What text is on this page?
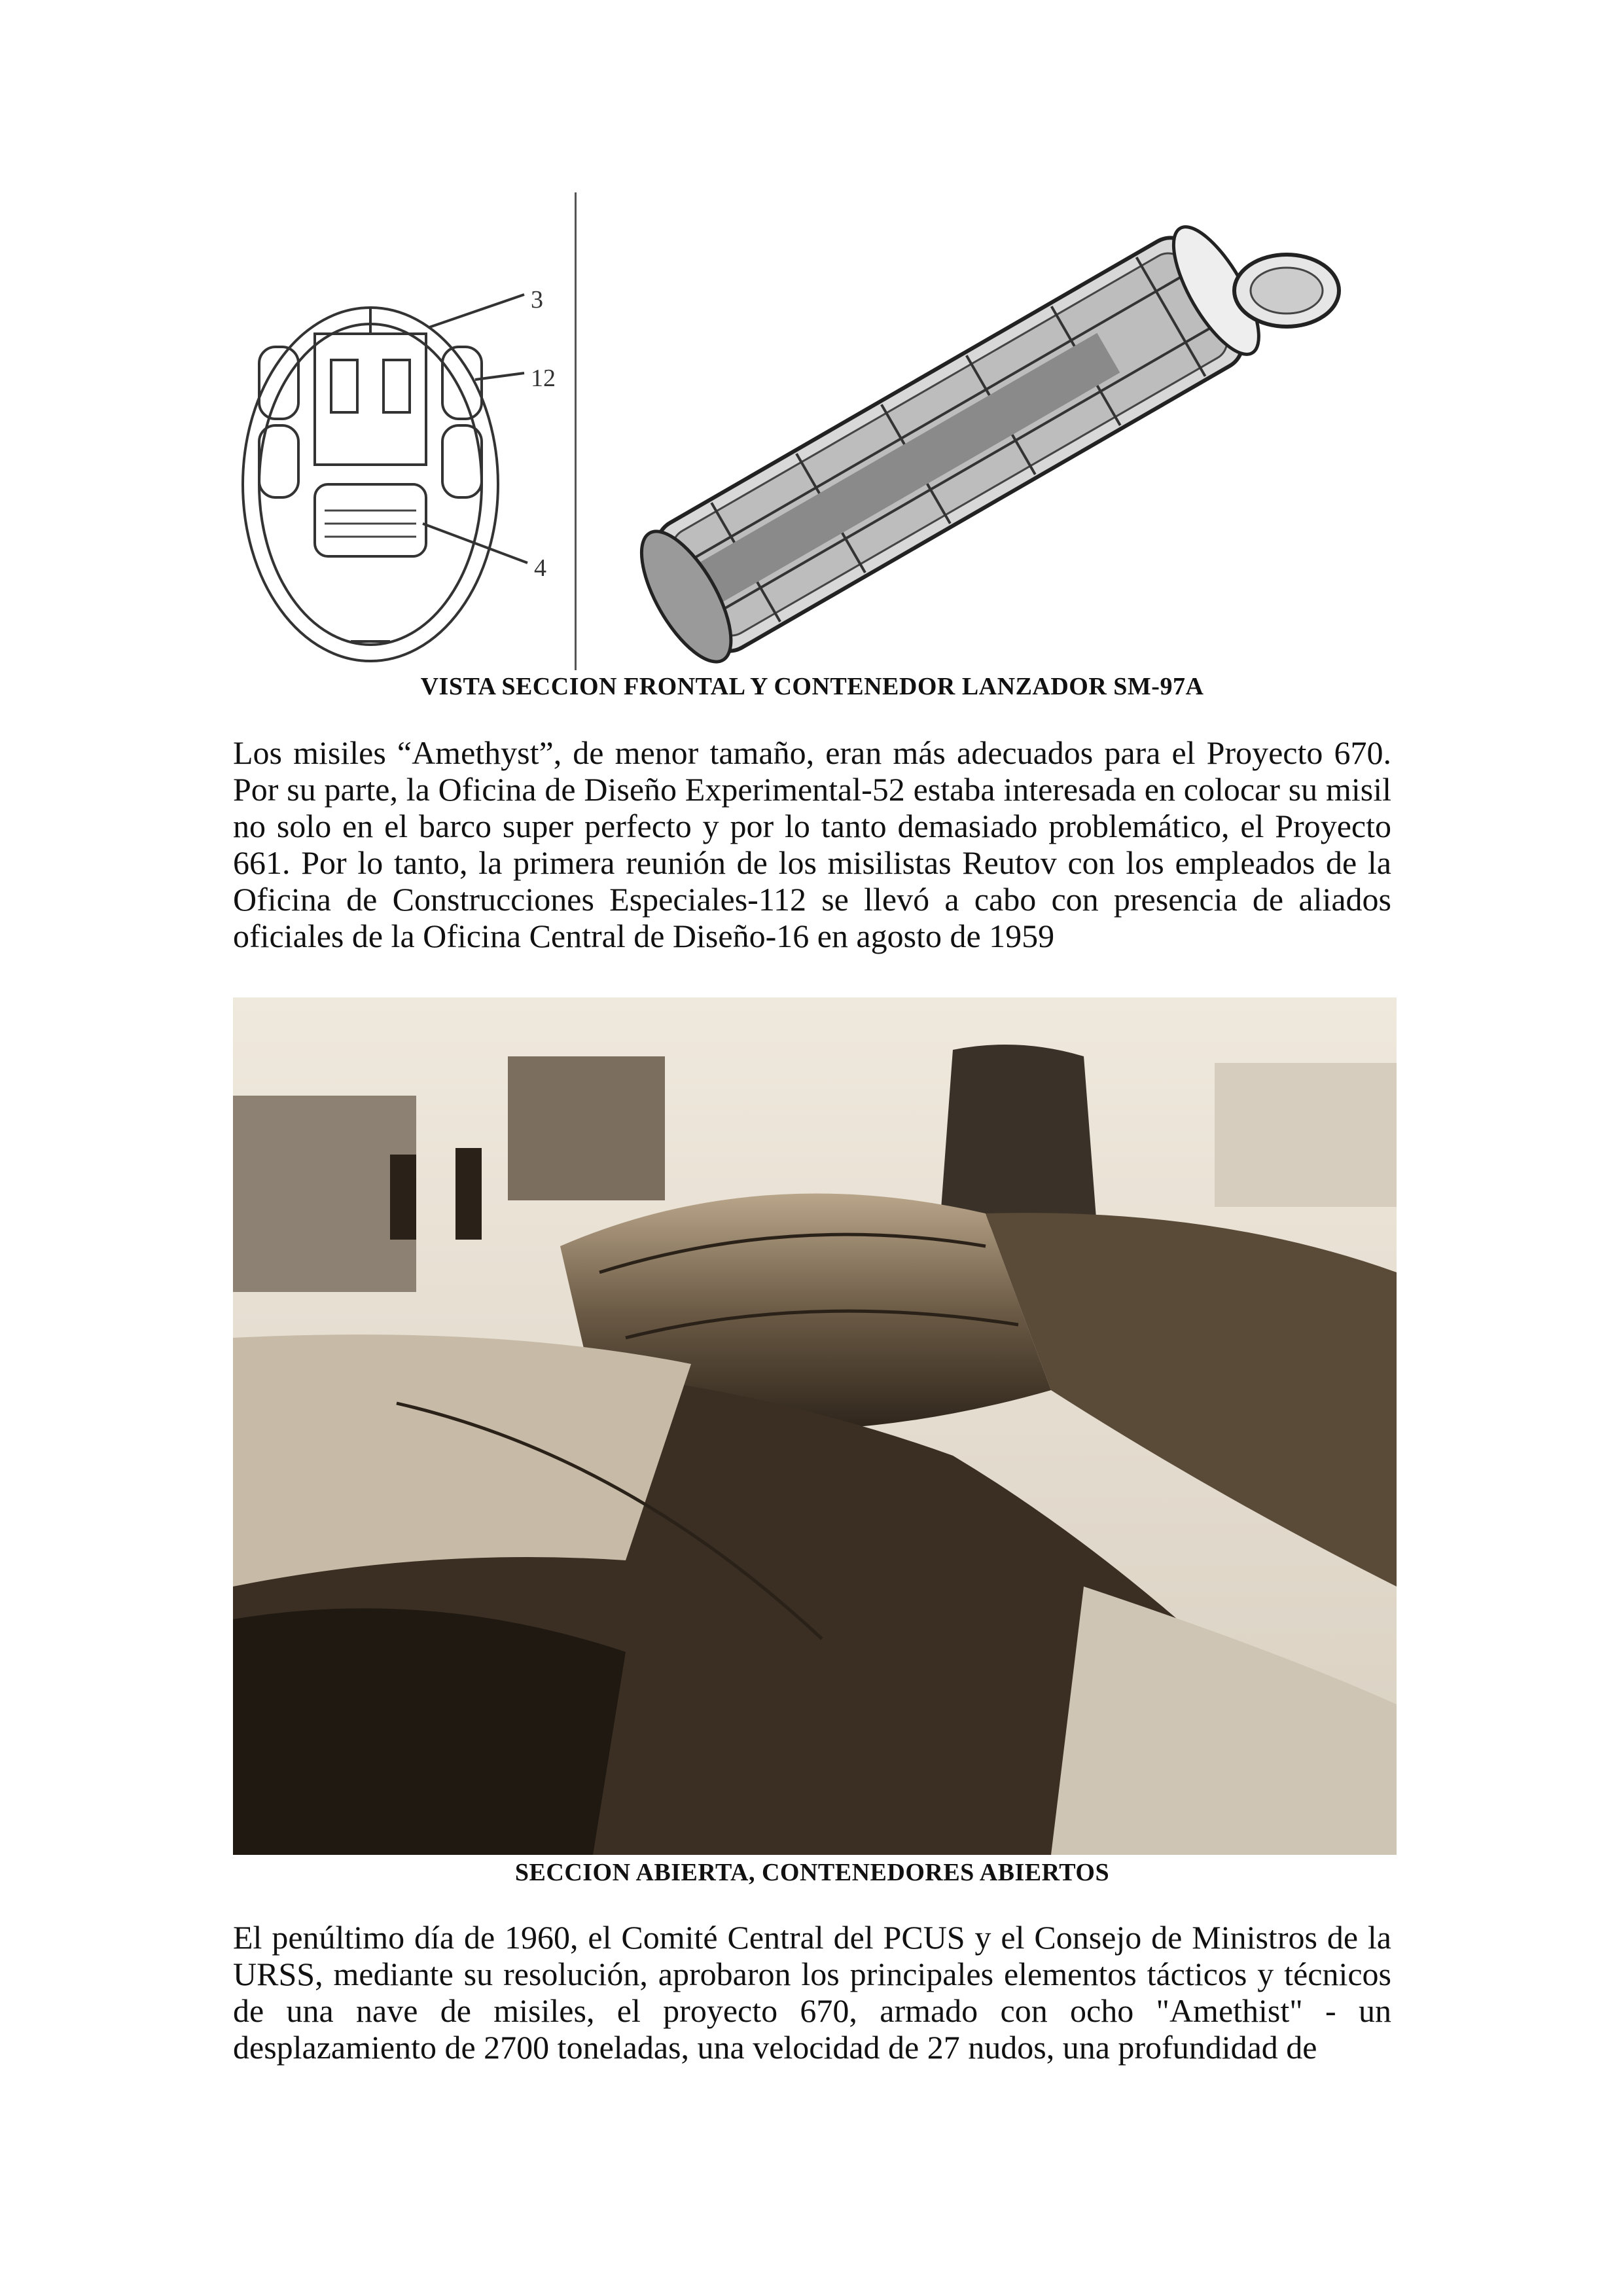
3
12
4
VISTA SECCION FRONTAL Y CONTENEDOR LANZADOR SM-97A

Los misiles “Amethyst”, de menor tamaño, eran más adecuados para el Proyecto 670. Por su parte, la Oficina de Diseño Experimental-52 estaba interesada en colocar su misil no solo en el barco super perfecto y por lo tanto demasiado problemático, el Proyecto 661. Por lo tanto, la primera reunión de los misilistas Reutov con los empleados de la Oficina de Construcciones Especiales-112 se llevó a cabo con presencia de aliados oficiales de la Oficina Central de Diseño-16 en agosto de 1959

SECCION ABIERTA, CONTENEDORES ABIERTOS

El penúltimo día de 1960, el Comité Central del PCUS y el Consejo de Ministros de la URSS, mediante su resolución, aprobaron los principales elementos tácticos y técnicos de una nave de misiles, el proyecto 670, armado con ocho "Amethist" - un desplazamiento de 2700 toneladas, una velocidad de 27 nudos, una profundidad de
